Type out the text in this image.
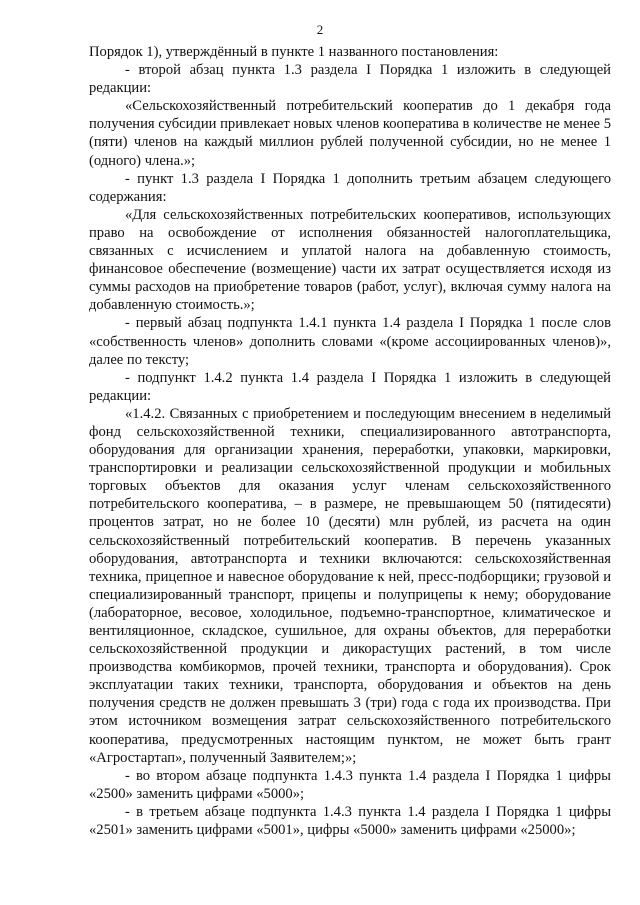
2

Порядок 1), утверждённый в пункте 1 названного постановления:

- второй абзац пункта 1.3 раздела I Порядка 1 изложить в следующей редакции:

«Сельскохозяйственный потребительский кооператив до 1 декабря года получения субсидии привлекает новых членов кооператива в количестве не менее 5 (пяти) членов на каждый миллион рублей полученной субсидии, но не менее 1 (одного) члена.»;

- пункт 1.3 раздела I Порядка 1 дополнить третьим абзацем следующего содержания:

«Для сельскохозяйственных потребительских кооперативов, использующих право на освобождение от исполнения обязанностей налогоплательщика, связанных с исчислением и уплатой налога на добавленную стоимость, финансовое обеспечение (возмещение) части их затрат осуществляется исходя из суммы расходов на приобретение товаров (работ, услуг), включая сумму налога на добавленную стоимость.»;

- первый абзац подпункта 1.4.1 пункта 1.4 раздела I Порядка 1 после слов «собственность членов» дополнить словами «(кроме ассоциированных членов)», далее по тексту;

- подпункт 1.4.2 пункта 1.4 раздела I Порядка 1 изложить в следующей редакции:

«1.4.2. Связанных с приобретением и последующим внесением в неделимый фонд сельскохозяйственной техники, специализированного автотранспорта, оборудования для организации хранения, переработки, упаковки, маркировки, транспортировки и реализации сельскохозяйственной продукции и мобильных торговых объектов для оказания услуг членам сельскохозяйственного потребительского кооператива, – в размере, не превышающем 50 (пятидесяти) процентов затрат, но не более 10 (десяти) млн рублей, из расчета на один сельскохозяйственный потребительский кооператив. В перечень указанных оборудования, автотранспорта и техники включаются: сельскохозяйственная техника, прицепное и навесное оборудование к ней, пресс-подборщики; грузовой и специализированный транспорт, прицепы и полуприцепы к нему; оборудование (лабораторное, весовое, холодильное, подъемно-транспортное, климатическое и вентиляционное, складское, сушильное, для охраны объектов, для переработки сельскохозяйственной продукции и дикорастущих растений, в том числе производства комбикормов, прочей техники, транспорта и оборудования). Срок эксплуатации таких техники, транспорта, оборудования и объектов на день получения средств не должен превышать 3 (три) года с года их производства. При этом источником возмещения затрат сельскохозяйственного потребительского кооператива, предусмотренных настоящим пунктом, не может быть грант «Агростартап», полученный Заявителем;»;

- во втором абзаце подпункта 1.4.3 пункта 1.4 раздела I Порядка 1 цифры «2500» заменить цифрами «5000»;

- в третьем абзаце подпункта 1.4.3 пункта 1.4 раздела I Порядка 1 цифры «2501» заменить цифрами «5001», цифры «5000» заменить цифрами «25000»;
